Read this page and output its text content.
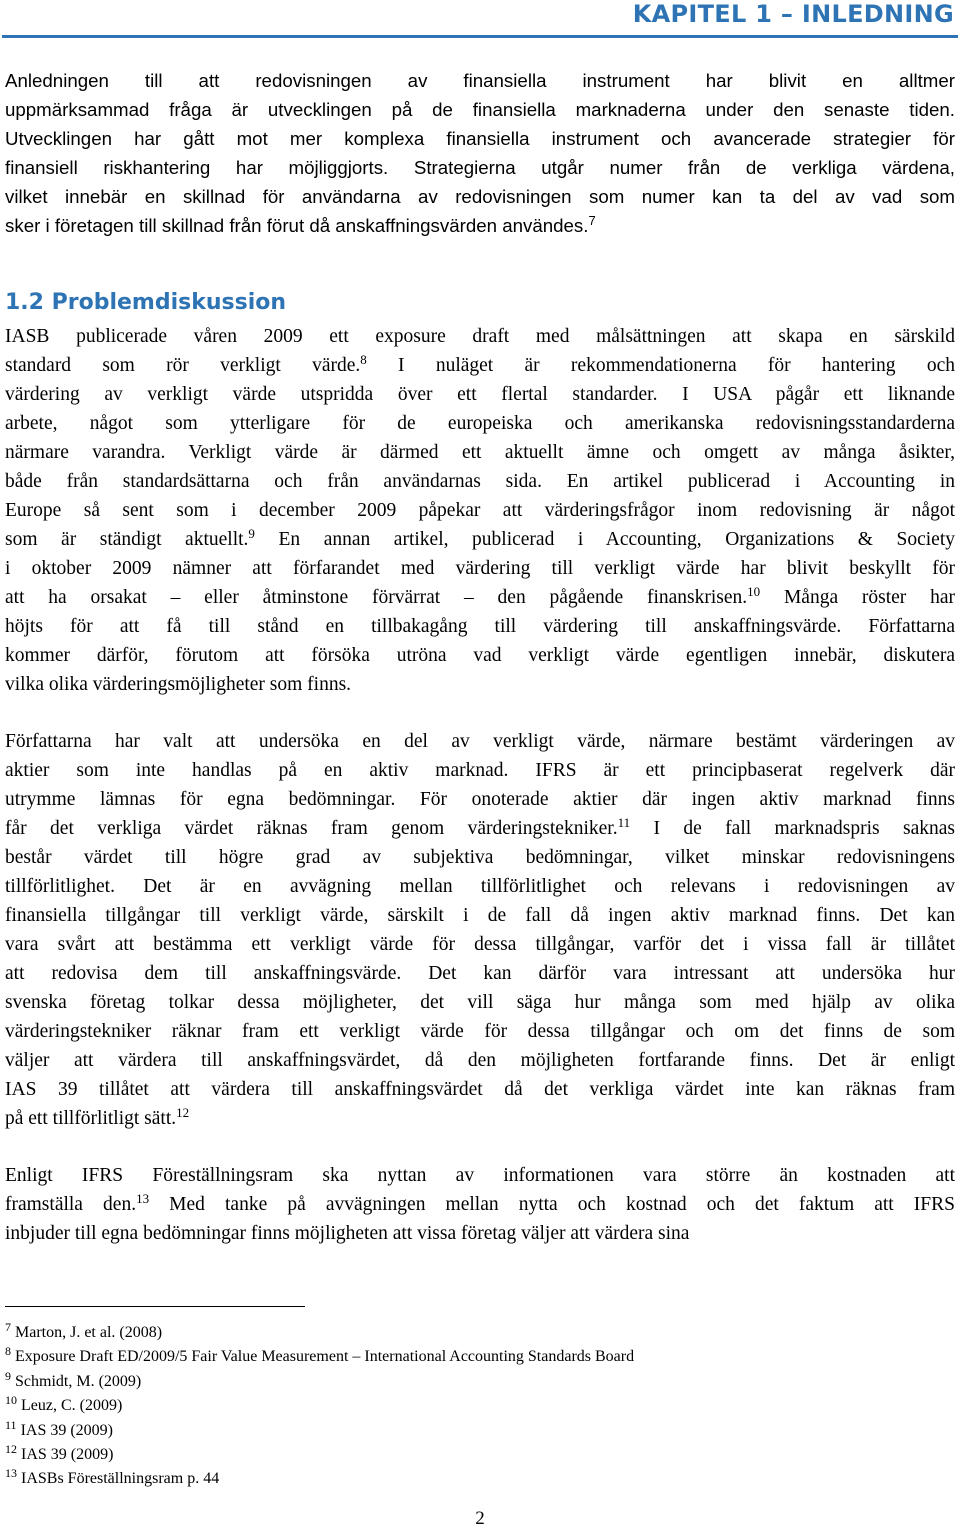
KAPITEL 1 – INLEDNING

Anledningen till att redovisningen av finansiella instrument har blivit en alltmer
uppmärksammad fråga är utvecklingen på de finansiella marknaderna under den senaste tiden.
Utvecklingen har gått mot mer komplexa finansiella instrument och avancerade strategier för
finansiell riskhantering har möjliggjorts. Strategierna utgår numer från de verkliga värdena,
vilket innebär en skillnad för användarna av redovisningen som numer kan ta del av vad som
sker i företagen till skillnad från förut då anskaffningsvärden användes.$^7$

1.2 Problemdiskussion

IASB publicerade våren 2009 ett exposure draft med målsättningen att skapa en särskild
standard som rör verkligt värde.$^8$ I nuläget är rekommendationerna för hantering och
värdering av verkligt värde utspridda över ett flertal standarder. I USA pågår ett liknande
arbete, något som ytterligare för de europeiska och amerikanska redovisningsstandarderna
närmare varandra. Verkligt värde är därmed ett aktuellt ämne och omgett av många åsikter,
både från standardsättarna och från användarnas sida. En artikel publicerad i Accounting in
Europe så sent som i december 2009 påpekar att värderingsfrågor inom redovisning är något
som är ständigt aktuellt.$^9$ En annan artikel, publicerad i Accounting, Organizations & Society
i oktober 2009 nämner att förfarandet med värdering till verkligt värde har blivit beskyllt för
att ha orsakat – eller åtminstone förvärrat – den pågående finanskrisen.$^{10}$ Många röster har
höjts för att få till stånd en tillbakagång till värdering till anskaffningsvärde. Författarna
kommer därför, förutom att försöka utröna vad verkligt värde egentligen innebär, diskutera
vilka olika värderingsmöjligheter som finns.

Författarna har valt att undersöka en del av verkligt värde, närmare bestämt värderingen av
aktier som inte handlas på en aktiv marknad. IFRS är ett principbaserat regelverk där
utrymme lämnas för egna bedömningar. För onoterade aktier där ingen aktiv marknad finns
får det verkliga värdet räknas fram genom värderingstekniker.$^{11}$ I de fall marknadspris saknas
består värdet till högre grad av subjektiva bedömningar, vilket minskar redovisningens
tillförlitlighet. Det är en avvägning mellan tillförlitlighet och relevans i redovisningen av
finansiella tillgångar till verkligt värde, särskilt i de fall då ingen aktiv marknad finns. Det kan
vara svårt att bestämma ett verkligt värde för dessa tillgångar, varför det i vissa fall är tillåtet
att redovisa dem till anskaffningsvärde. Det kan därför vara intressant att undersöka hur
svenska företag tolkar dessa möjligheter, det vill säga hur många som med hjälp av olika
värderingstekniker räknar fram ett verkligt värde för dessa tillgångar och om det finns de som
väljer att värdera till anskaffningsvärdet, då den möjligheten fortfarande finns. Det är enligt
IAS 39 tillåtet att värdera till anskaffningsvärdet då det verkliga värdet inte kan räknas fram
på ett tillförlitligt sätt.$^{12}$

Enligt IFRS Föreställningsram ska nyttan av informationen vara större än kostnaden att
framställa den.$^{13}$ Med tanke på avvägningen mellan nytta och kostnad och det faktum att IFRS
inbjuder till egna bedömningar finns möjligheten att vissa företag väljer att värdera sina

$^7$ Marton, J. et al. (2008)
$^8$ Exposure Draft ED/2009/5 Fair Value Measurement – International Accounting Standards Board
$^9$ Schmidt, M. (2009)
$^{10}$ Leuz, C. (2009)
$^{11}$ IAS 39 (2009)
$^{12}$ IAS 39 (2009)
$^{13}$ IASBs Föreställningsram p. 44
2
